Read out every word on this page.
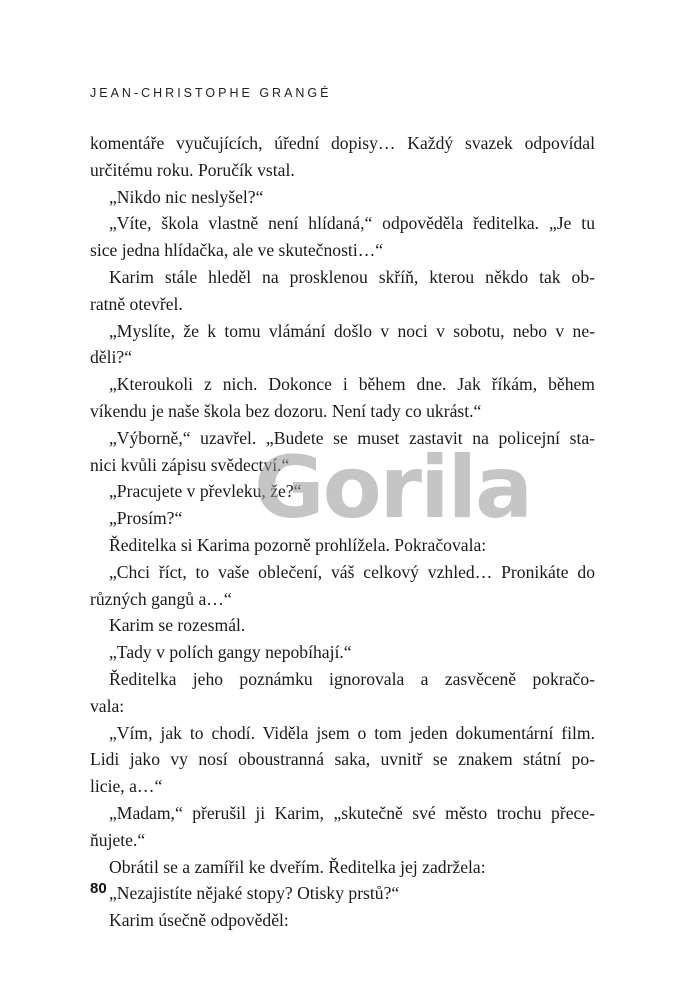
JEAN-CHRISTOPHE GRANGÉ
komentáře vyučujících, úřední dopisy… Každý svazek odpovídal
určitému roku. Poručík vstal.
„Nikdo nic neslyšel?“
„Víte, škola vlastně není hlídaná,“ odpověděla ředitelka. „Je tu
sice jedna hlídačka, ale ve skutečnosti…“
Karim stále hleděl na prosklenou skříň, kterou někdo tak ob-
ratně otevřel.
„Myslíte, že k tomu vlámání došlo v noci v sobotu, nebo v ne-
děli?“
„Kteroukoli z nich. Dokonce i během dne. Jak říkám, během
víkendu je naše škola bez dozoru. Není tady co ukrást.“
„Výborně,“ uzavřel. „Budete se muset zastavit na policejní sta-
nici kvůli zápisu svědectví.“
„Pracujete v převleku, že?“
„Prosím?“
Ředitelka si Karima pozorně prohlížela. Pokračovala:
„Chci říct, to vaše oblečení, váš celkový vzhled… Pronikáte do
různých gangů a…“
Karim se rozesmál.
„Tady v polích gangy nepobíhají.“
Ředitelka jeho poznámku ignorovala a zasvěceně pokračo-
vala:
„Vím, jak to chodí. Viděla jsem o tom jeden dokumentární film.
Lidi jako vy nosí oboustranná saka, uvnitř se znakem státní po-
licie, a…“
„Madam,“ přerušil ji Karim, „skutečně své město trochu přece-
ňujete.“
Obrátil se a zamířil ke dveřím. Ředitelka jej zadržela:
„Nezajistíte nějaké stopy? Otisky prstů?“
Karim úsečně odpověděl:
Gorila
80
